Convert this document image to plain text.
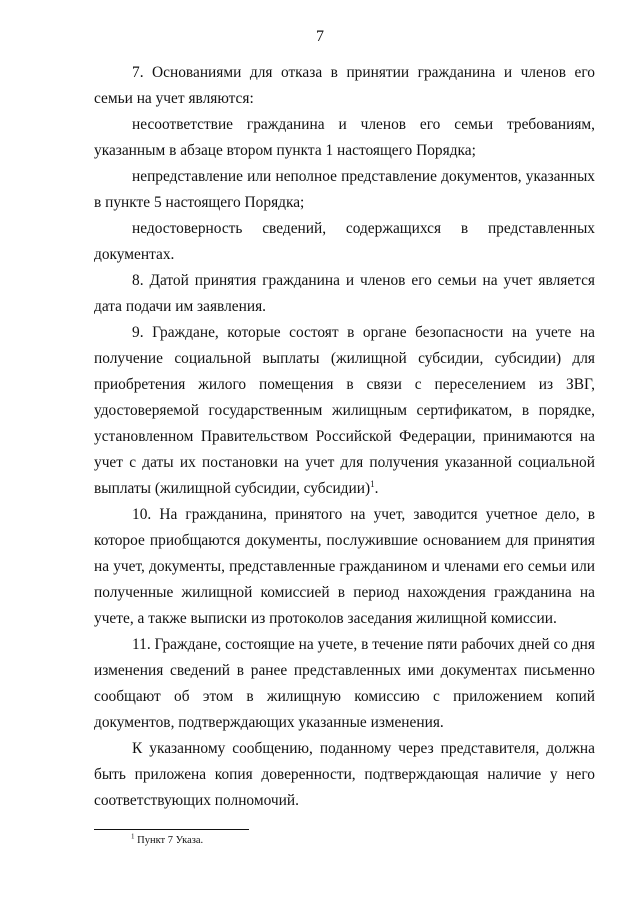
7

7. Основаниями для отказа в принятии гражданина и членов его семьи на учет являются:

несоответствие гражданина и членов его семьи требованиям, указанным в абзаце втором пункта 1 настоящего Порядка;

непредставление или неполное представление документов, указанных в пункте 5 настоящего Порядка;

недостоверность сведений, содержащихся в представленных документах.

8. Датой принятия гражданина и членов его семьи на учет является дата подачи им заявления.

9. Граждане, которые состоят в органе безопасности на учете на получение социальной выплаты (жилищной субсидии, субсидии) для приобретения жилого помещения в связи с переселением из ЗВГ, удостоверяемой государственным жилищным сертификатом, в порядке, установленном Правительством Российской Федерации, принимаются на учет с даты их постановки на учет для получения указанной социальной выплаты (жилищной субсидии, субсидии)$^1$.

10. На гражданина, принятого на учет, заводится учетное дело, в которое приобщаются документы, послужившие основанием для принятия на учет, документы, представленные гражданином и членами его семьи или полученные жилищной комиссией в период нахождения гражданина на учете, а также выписки из протоколов заседания жилищной комиссии.

11. Граждане, состоящие на учете, в течение пяти рабочих дней со дня изменения сведений в ранее представленных ими документах письменно сообщают об этом в жилищную комиссию с приложением копий документов, подтверждающих указанные изменения.

К указанному сообщению, поданному через представителя, должна быть приложена копия доверенности, подтверждающая наличие у него соответствующих полномочий.

$^1$ Пункт 7 Указа.
